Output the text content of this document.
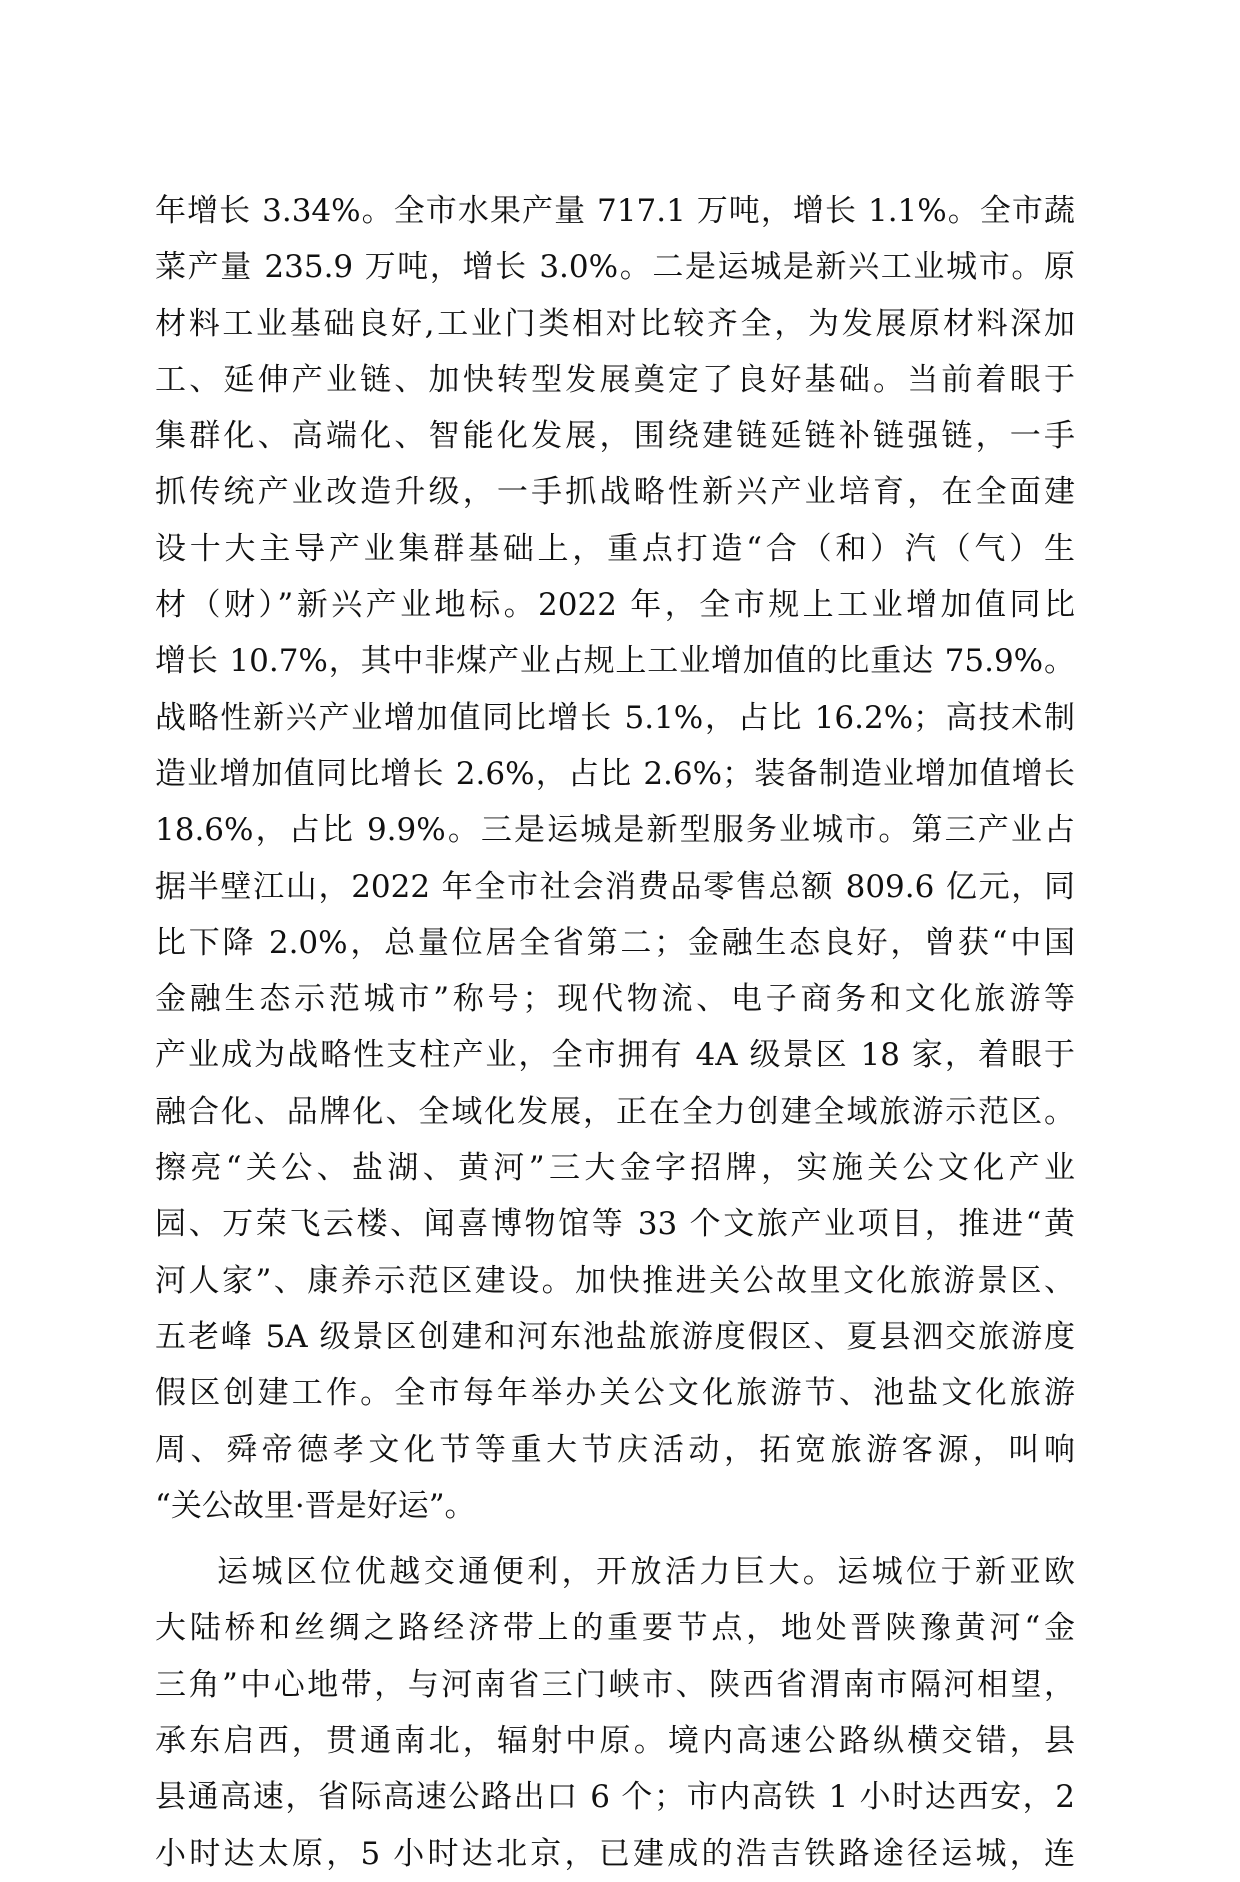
年增长 3.34%。全市水果产量 717.1 万吨，增长 1.1%。全市蔬
菜产量 235.9 万吨，增长 3.0%。二是运城是新兴工业城市。原
材料工业基础良好,工业门类相对比较齐全，为发展原材料深加
工、延伸产业链、加快转型发展奠定了良好基础。当前着眼于
集群化、高端化、智能化发展，围绕建链延链补链强链，一手
抓传统产业改造升级，一手抓战略性新兴产业培育，在全面建
设十大主导产业集群基础上，重点打造“合（和）汽（气）生
材（财）”新兴产业地标。2022 年，全市规上工业增加值同比
增长 10.7%，其中非煤产业占规上工业增加值的比重达 75.9%。
战略性新兴产业增加值同比增长 5.1%，占比 16.2%；高技术制
造业增加值同比增长 2.6%，占比 2.6%；装备制造业增加值增长
18.6%，占比 9.9%。三是运城是新型服务业城市。第三产业占
据半壁江山，2022 年全市社会消费品零售总额 809.6 亿元，同
比下降 2.0%，总量位居全省第二；金融生态良好，曾获“中国
金融生态示范城市”称号；现代物流、电子商务和文化旅游等
产业成为战略性支柱产业，全市拥有 4A 级景区 18 家，着眼于
融合化、品牌化、全域化发展，正在全力创建全域旅游示范区。
擦亮“关公、盐湖、黄河”三大金字招牌，实施关公文化产业
园、万荣飞云楼、闻喜博物馆等 33 个文旅产业项目，推进“黄
河人家”、康养示范区建设。加快推进关公故里文化旅游景区、
五老峰 5A 级景区创建和河东池盐旅游度假区、夏县泗交旅游度
假区创建工作。全市每年举办关公文化旅游节、池盐文化旅游
周、舜帝德孝文化节等重大节庆活动，拓宽旅游客源，叫响
“关公故里·晋是好运”。
运城区位优越交通便利，开放活力巨大。运城位于新亚欧
大陆桥和丝绸之路经济带上的重要节点，地处晋陕豫黄河“金
三角”中心地带，与河南省三门峡市、陕西省渭南市隔河相望，
承东启西，贯通南北，辐射中原。境内高速公路纵横交错，县
县通高速，省际高速公路出口 6 个；市内高铁 1 小时达西安，2
小时达太原，5 小时达北京，已建成的浩吉铁路途径运城，连
